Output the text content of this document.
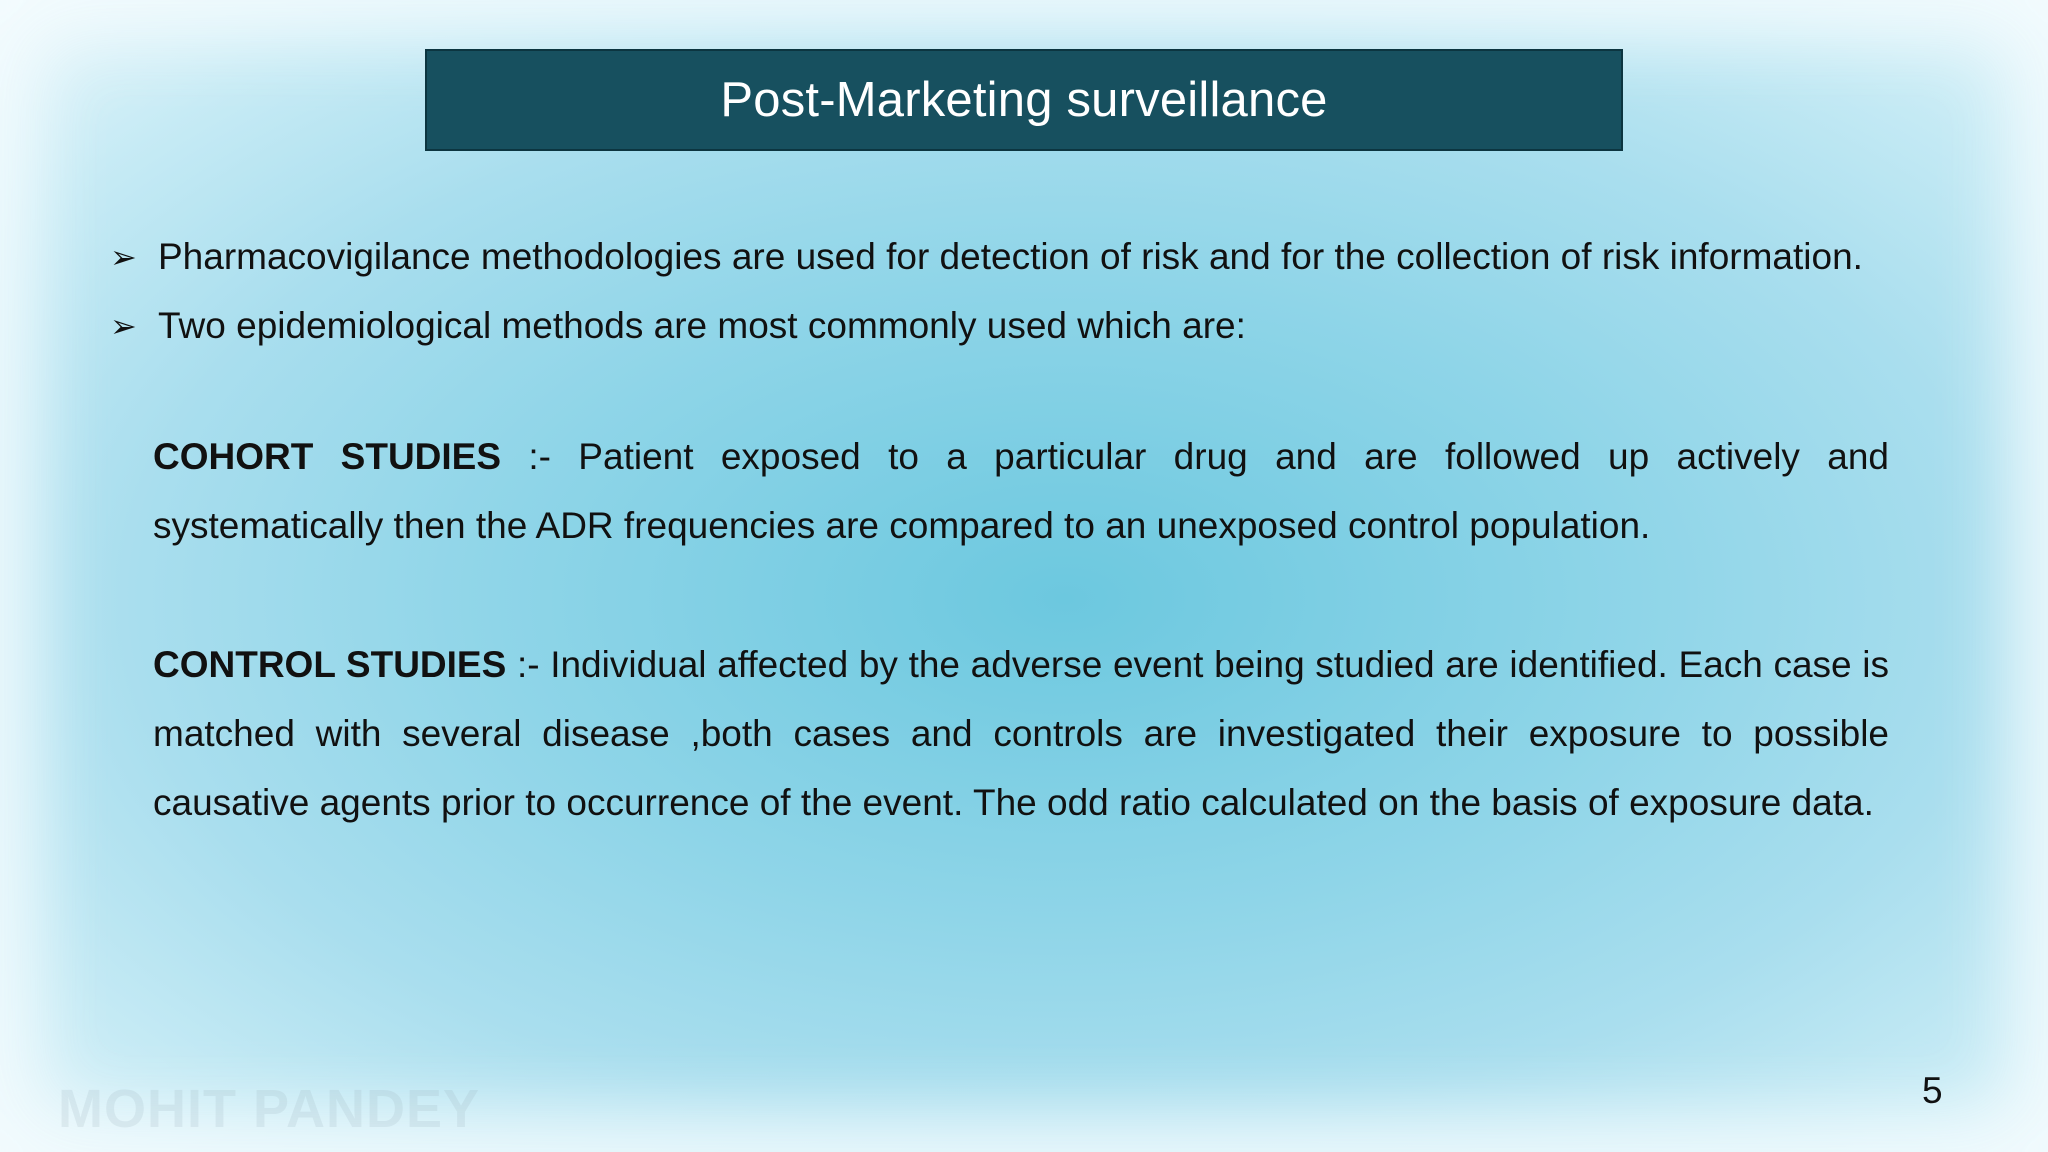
Post-Marketing surveillance
➢ Pharmacovigilance methodologies are used for detection of risk and for the collection of risk information.
➢ Two epidemiological methods are most commonly used which are:
COHORT STUDIES :- Patient exposed to a particular drug and are followed up actively and systematically then the ADR frequencies are compared to an unexposed control population.
CONTROL STUDIES :- Individual affected by the adverse event being studied are identified. Each case is matched with several disease ,both cases and controls are investigated their exposure to possible causative agents prior to occurrence of the event. The odd ratio calculated on the basis of exposure data.
MOHIT PANDEY	5
